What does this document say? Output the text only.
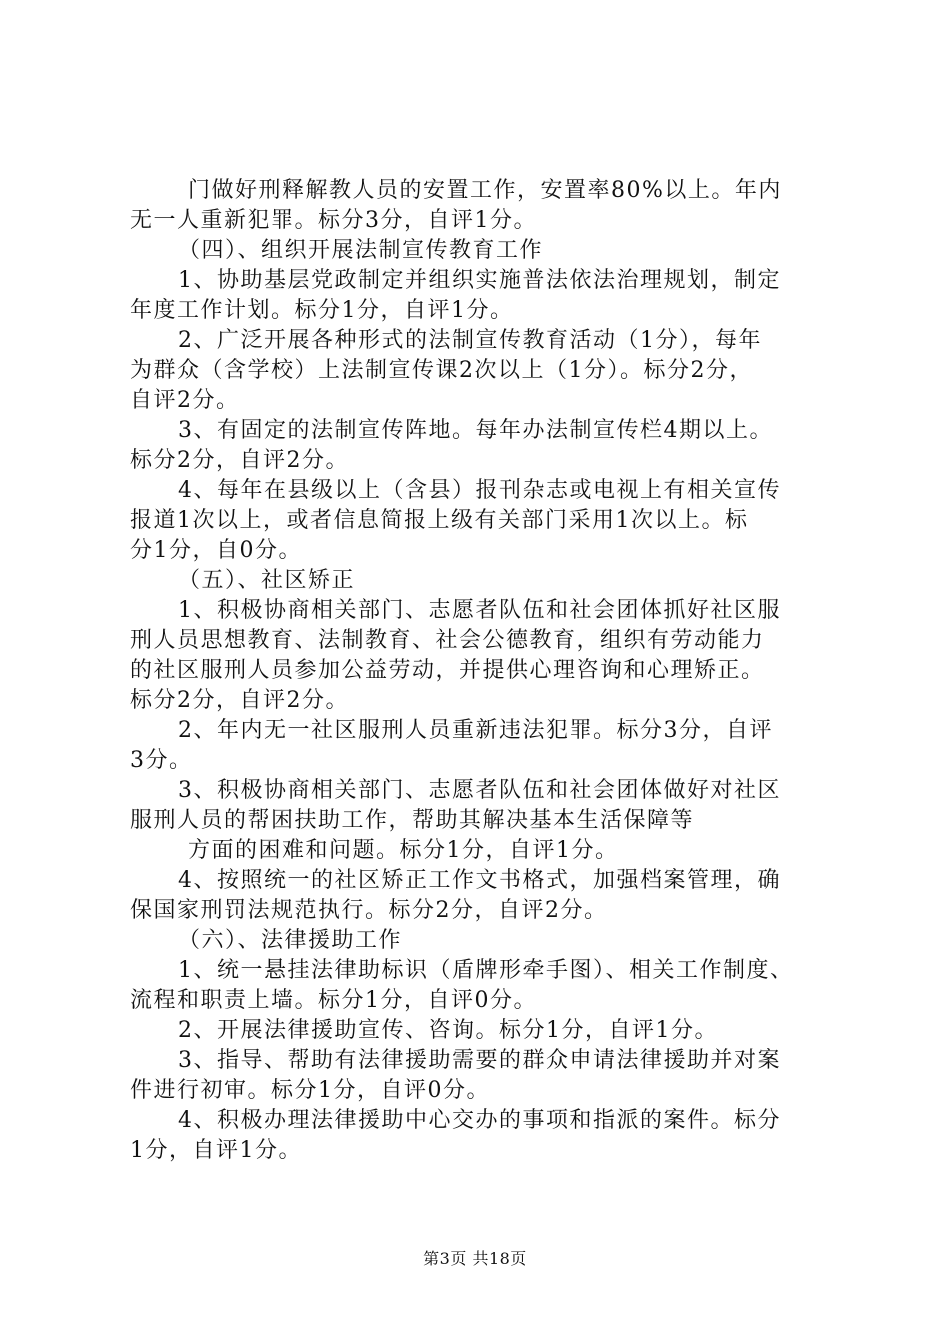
门做好刑释解教人员的安置工作，安置率80%以上。年内
无一人重新犯罪。标分3分，自评1分。
（四）、组织开展法制宣传教育工作
1、协助基层党政制定并组织实施普法依法治理规划，制定
年度工作计划。标分1分，自评1分。
2、广泛开展各种形式的法制宣传教育活动（1分），每年
为群众（含学校）上法制宣传课2次以上（1分）。标分2分，
自评2分。
3、有固定的法制宣传阵地。每年办法制宣传栏4期以上。
标分2分，自评2分。
4、每年在县级以上（含县）报刊杂志或电视上有相关宣传
报道1次以上，或者信息简报上级有关部门采用1次以上。标
分1分，自0分。
（五）、社区矫正
1、积极协商相关部门、志愿者队伍和社会团体抓好社区服
刑人员思想教育、法制教育、社会公德教育，组织有劳动能力
的社区服刑人员参加公益劳动，并提供心理咨询和心理矫正。
标分2分，自评2分。
2、年内无一社区服刑人员重新违法犯罪。标分3分，自评
3分。
3、积极协商相关部门、志愿者队伍和社会团体做好对社区
服刑人员的帮困扶助工作，帮助其解决基本生活保障等
方面的困难和问题。标分1分，自评1分。
4、按照统一的社区矫正工作文书格式，加强档案管理，确
保国家刑罚法规范执行。标分2分，自评2分。
（六）、法律援助工作
1、统一悬挂法律助标识（盾牌形牵手图）、相关工作制度、
流程和职责上墙。标分1分，自评0分。
2、开展法律援助宣传、咨询。标分1分，自评1分。
3、指导、帮助有法律援助需要的群众申请法律援助并对案
件进行初审。标分1分，自评0分。
4、积极办理法律援助中心交办的事项和指派的案件。标分
1分，自评1分。
第3页 共18页
